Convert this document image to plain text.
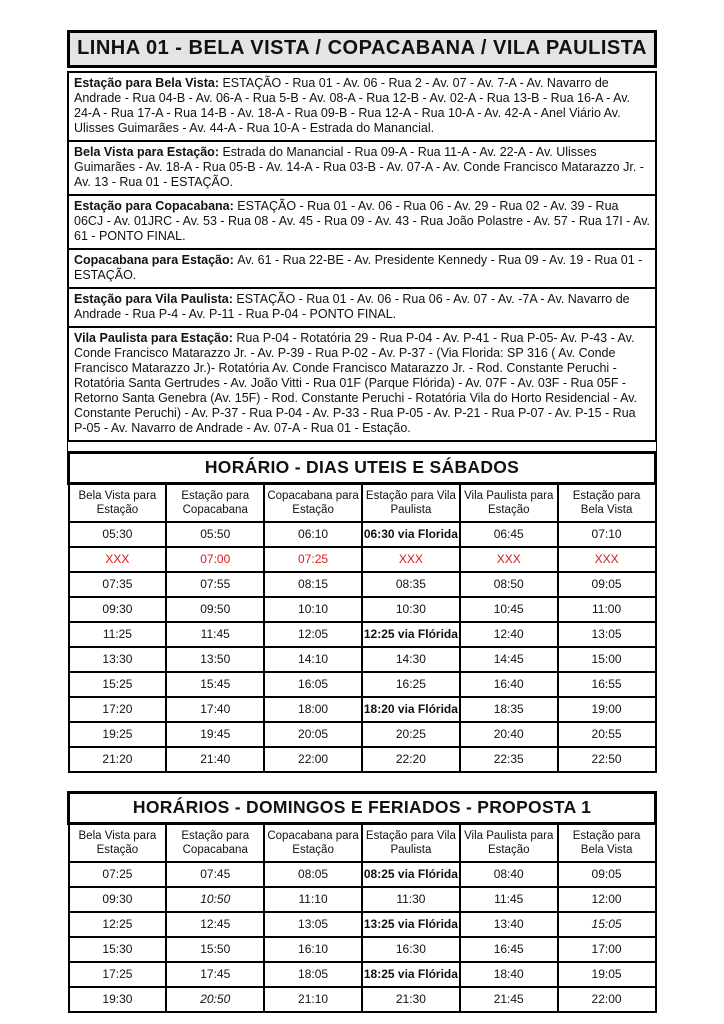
LINHA 01 - BELA VISTA / COPACABANA / VILA PAULISTA
Estação para Bela Vista: ESTAÇÃO - Rua 01 - Av. 06 - Rua 2 - Av. 07 - Av. 7-A - Av. Navarro de Andrade - Rua 04-B - Av. 06-A - Rua 5-B - Av. 08-A - Rua 12-B - Av. 02-A - Rua 13-B - Rua 16-A - Av. 24-A - Rua 17-A - Rua 14-B - Av. 18-A - Rua 09-B - Rua 12-A - Rua 10-A - Av. 42-A - Anel Viário Av. Ulisses Guimarães - Av. 44-A - Rua 10-A - Estrada do Manancial.
Bela Vista para Estação: Estrada do Manancial - Rua 09-A - Rua 11-A - Av. 22-A - Av. Ulisses Guimarães - Av. 18-A - Rua 05-B - Av. 14-A - Rua 03-B - Av. 07-A - Av. Conde Francisco Matarazzo Jr. - Av. 13 - Rua 01 - ESTAÇÃO.
Estação para Copacabana: ESTAÇÃO - Rua 01 - Av. 06 - Rua 06 - Av. 29 - Rua 02 - Av. 39 - Rua 06CJ - Av. 01JRC - Av. 53 - Rua 08 - Av. 45 - Rua 09 - Av. 43 - Rua João Polastre - Av. 57 - Rua 17I - Av. 61 - PONTO FINAL.
Copacabana para Estação: Av. 61 - Rua 22-BE - Av. Presidente Kennedy - Rua 09 - Av. 19 - Rua 01 - ESTAÇÃO.
Estação para Vila Paulista: ESTAÇÃO - Rua 01 - Av. 06 - Rua 06 - Av. 07 - Av. -7A - Av. Navarro de Andrade - Rua P-4 - Av. P-11 - Rua P-04 - PONTO FINAL.
Vila Paulista para Estação: Rua P-04 - Rotatória 29 - Rua P-04 - Av. P-41 - Rua P-05- Av. P-43 - Av. Conde Francisco Matarazzo Jr. - Av. P-39 - Rua P-02 - Av. P-37 - (Via Florida: SP 316 ( Av. Conde Francisco Matarazzo Jr.)- Rotatória Av. Conde Francisco Matarazzo Jr. - Rod. Constante Peruchi - Rotatória Santa Gertrudes - Av. João Vitti - Rua 01F (Parque Flórida) - Av. 07F - Av. 03F - Rua 05F - Retorno Santa Genebra (Av. 15F) - Rod. Constante Peruchi - Rotatória Vila do Horto Residencial - Av. Constante Peruchi) - Av. P-37 - Rua P-04 - Av. P-33 - Rua P-05 - Av. P-21 - Rua P-07 - Av. P-15 - Rua P-05 - Av. Navarro de Andrade - Av. 07-A - Rua 01 - Estação.
HORÁRIO - DIAS UTEIS E SÁBADOS					
Bela Vista para Estação	Estação para Copacabana	Copacabana para Estação	Estação para Vila Paulista	Vila Paulista para Estação	Estação para Bela Vista
05:30	05:50	06:10	06:30 via Florida	06:45	07:10
XXX	07:00	07:25	XXX	XXX	XXX
07:35	07:55	08:15	08:35	08:50	09:05
09:30	09:50	10:10	10:30	10:45	11:00
11:25	11:45	12:05	12:25 via Flórida	12:40	13:05
13:30	13:50	14:10	14:30	14:45	15:00
15:25	15:45	16:05	16:25	16:40	16:55
17:20	17:40	18:00	18:20 via Flórida	18:35	19:00
19:25	19:45	20:05	20:25	20:40	20:55
21:20	21:40	22:00	22:20	22:35	22:50
HORÁRIOS - DOMINGOS E FERIADOS - PROPOSTA 1					
Bela Vista para Estação	Estação para Copacabana	Copacabana para Estação	Estação para Vila Paulista	Vila Paulista para Estação	Estação para Bela Vista
07:25	07:45	08:05	08:25 via Flórida	08:40	09:05
09:30	10:50	11:10	11:30	11:45	12:00
12:25	12:45	13:05	13:25 via Flórida	13:40	15:05
15:30	15:50	16:10	16:30	16:45	17:00
17:25	17:45	18:05	18:25 via Flórida	18:40	19:05
19:30	20:50	21:10	21:30	21:45	22:00
